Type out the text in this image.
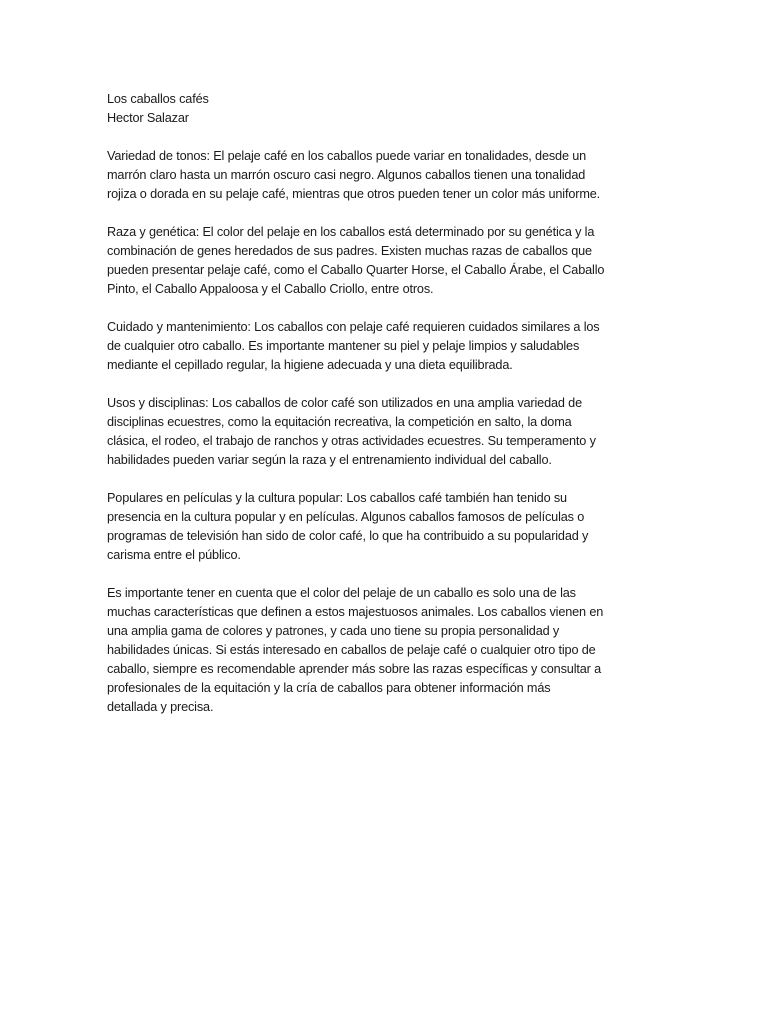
Los caballos cafés
Hector Salazar
Variedad de tonos: El pelaje café en los caballos puede variar en tonalidades, desde un
marrón claro hasta un marrón oscuro casi negro. Algunos caballos tienen una tonalidad
rojiza o dorada en su pelaje café, mientras que otros pueden tener un color más uniforme.
Raza y genética: El color del pelaje en los caballos está determinado por su genética y la
combinación de genes heredados de sus padres. Existen muchas razas de caballos que
pueden presentar pelaje café, como el Caballo Quarter Horse, el Caballo Árabe, el Caballo
Pinto, el Caballo Appaloosa y el Caballo Criollo, entre otros.
Cuidado y mantenimiento: Los caballos con pelaje café requieren cuidados similares a los
de cualquier otro caballo. Es importante mantener su piel y pelaje limpios y saludables
mediante el cepillado regular, la higiene adecuada y una dieta equilibrada.
Usos y disciplinas: Los caballos de color café son utilizados en una amplia variedad de
disciplinas ecuestres, como la equitación recreativa, la competición en salto, la doma
clásica, el rodeo, el trabajo de ranchos y otras actividades ecuestres. Su temperamento y
habilidades pueden variar según la raza y el entrenamiento individual del caballo.
Populares en películas y la cultura popular: Los caballos café también han tenido su
presencia en la cultura popular y en películas. Algunos caballos famosos de películas o
programas de televisión han sido de color café, lo que ha contribuido a su popularidad y
carisma entre el público.
Es importante tener en cuenta que el color del pelaje de un caballo es solo una de las
muchas características que definen a estos majestuosos animales. Los caballos vienen en
una amplia gama de colores y patrones, y cada uno tiene su propia personalidad y
habilidades únicas. Si estás interesado en caballos de pelaje café o cualquier otro tipo de
caballo, siempre es recomendable aprender más sobre las razas específicas y consultar a
profesionales de la equitación y la cría de caballos para obtener información más
detallada y precisa.
